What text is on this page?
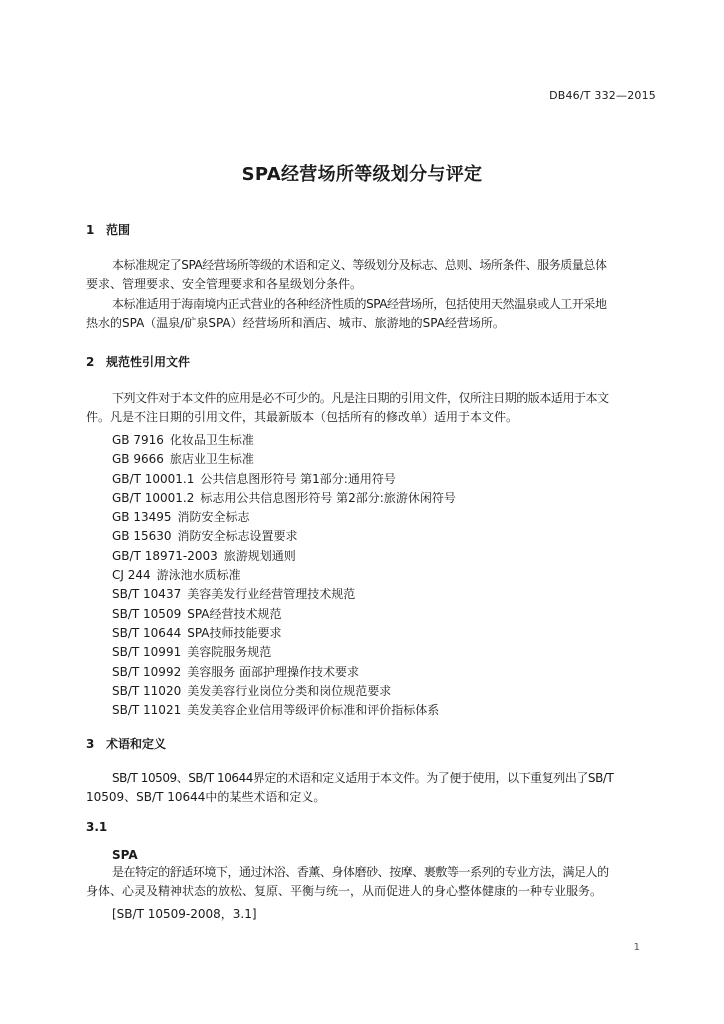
DB46/T 332—2015
SPA经营场所等级划分与评定
1 范围
本标准规定了SPA经营场所等级的术语和定义、等级划分及标志、总则、场所条件、服务质量总体
要求、管理要求、安全管理要求和各星级划分条件。
本标准适用于海南境内正式营业的各种经济性质的SPA经营场所，包括使用天然温泉或人工开采地
热水的SPA（温泉/矿泉SPA）经营场所和酒店、城市、旅游地的SPA经营场所。
2 规范性引用文件
下列文件对于本文件的应用是必不可少的。凡是注日期的引用文件，仅所注日期的版本适用于本文
件。凡是不注日期的引用文件，其最新版本（包括所有的修改单）适用于本文件。
GB 7916 化妆品卫生标准
GB 9666 旅店业卫生标准
GB/T 10001.1 公共信息图形符号 第1部分:通用符号
GB/T 10001.2 标志用公共信息图形符号 第2部分:旅游休闲符号
GB 13495 消防安全标志
GB 15630 消防安全标志设置要求
GB/T 18971-2003 旅游规划通则
CJ 244 游泳池水质标准
SB/T 10437 美容美发行业经营管理技术规范
SB/T 10509 SPA经营技术规范
SB/T 10644 SPA技师技能要求
SB/T 10991 美容院服务规范
SB/T 10992 美容服务 面部护理操作技术要求
SB/T 11020 美发美容行业岗位分类和岗位规范要求
SB/T 11021 美发美容企业信用等级评价标准和评价指标体系
3 术语和定义
SB/T 10509、SB/T 10644界定的术语和定义适用于本文件。为了便于使用，以下重复列出了SB/T
10509、SB/T 10644中的某些术语和定义。
3.1
SPA
是在特定的舒适环境下，通过沐浴、香薰、身体磨砂、按摩、裹敷等一系列的专业方法，满足人的
身体、心灵及精神状态的放松、复原、平衡与统一，从而促进人的身心整体健康的一种专业服务。
[SB/T 10509-2008，3.1]
1
